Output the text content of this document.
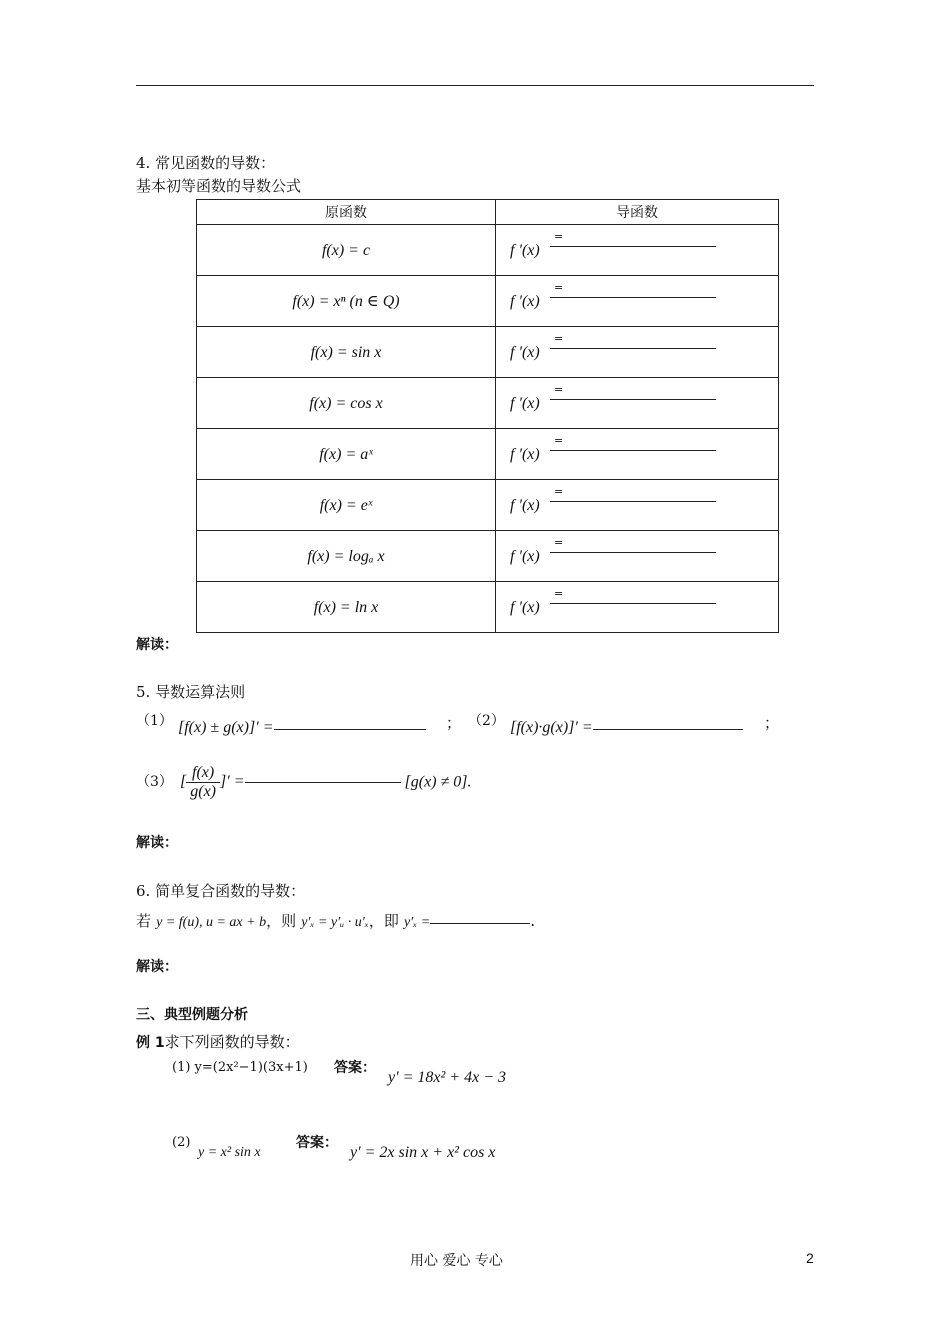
4. 常见函数的导数：
基本初等函数的导数公式
原函数	导函数
f(x) = c	f ′(x)
=

f(x) = xⁿ (n ∈ Q)	f ′(x)
=

f(x) = sin x	f ′(x)
=

f(x) = cos x	f ′(x)
=

f(x) = aˣ	f ′(x)
=

f(x) = eˣ	f ′(x)
=

f(x) = logₐ x	f ′(x)
=

f(x) = ln x	f ′(x)
=
解读：
5. 导数运算法则
（1） [f(x) ± g(x)]′ =	； （2） [f(x)·g(x)]′ =	；
（3） [ $\frac{f(x)}{g(x)}$ ]′ =	[g(x) ≠ 0].
解读：
6. 简单复合函数的导数：
若 y = f(u), u = ax + b，则 y′ₓ = y′ᵤ · u′ₓ，即 y′ₓ =	.
解读：
三、典型例题分析
例 1求下列函数的导数：
(1) y=(2x²−1)(3x+1) 答案：
y′ = 18x² + 4x − 3
(2)
y = x² sin x
答案：
y′ = 2x sin x + x² cos x
用心 爱心 专心	2
